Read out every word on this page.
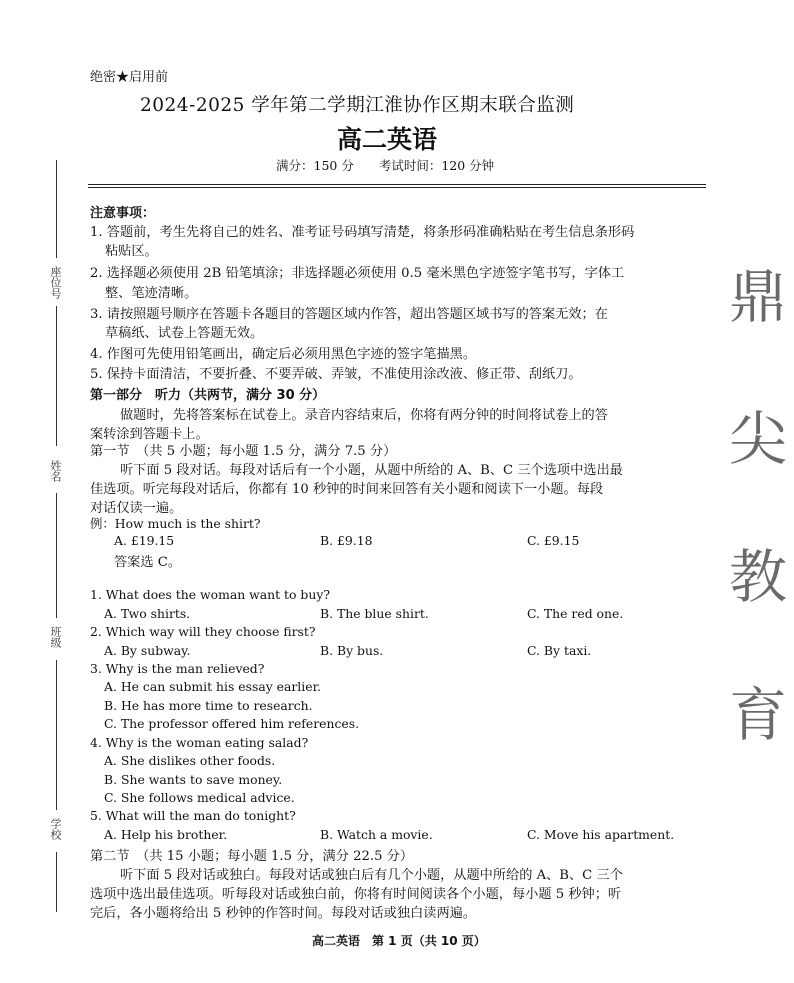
座位号
姓名
班级
学校
鼎
尖
教
育
绝密★启用前
2024-2025 学年第二学期江淮协作区期末联合监测
高二英语
满分：150 分　　考试时间：120 分钟
注意事项：
1. 答题前，考生先将自己的姓名、准考证号码填写清楚，将条形码准确粘贴在考生信息条形码
粘贴区。
2. 选择题必须使用 2B 铅笔填涂；非选择题必须使用 0.5 毫米黑色字迹签字笔书写，字体工
整、笔迹清晰。
3. 请按照题号顺序在答题卡各题目的答题区域内作答，超出答题区域书写的答案无效；在
草稿纸、试卷上答题无效。
4. 作图可先使用铅笔画出，确定后必须用黑色字迹的签字笔描黑。
5. 保持卡面清洁，不要折叠、不要弄破、弄皱，不准使用涂改液、修正带、刮纸刀。
第一部分　听力（共两节，满分 30 分）
做题时，先将答案标在试卷上。录音内容结束后，你将有两分钟的时间将试卷上的答
案转涂到答题卡上。
第一节　（共 5 小题；每小题 1.5 分，满分 7.5 分）
听下面 5 段对话。每段对话后有一个小题，从题中所给的 A、B、C 三个选项中选出最
佳选项。听完每段对话后，你都有 10 秒钟的时间来回答有关小题和阅读下一小题。每段
对话仅读一遍。
例：How much is the shirt?
A. £19.15	B. £9.18	C. £9.15
答案选 C。
1. What does the woman want to buy?
A. Two shirts.	B. The blue shirt.	C. The red one.
2. Which way will they choose first?
A. By subway.	B. By bus.	C. By taxi.
3. Why is the man relieved?
A. He can submit his essay earlier.
B. He has more time to research.
C. The professor offered him references.
4. Why is the woman eating salad?
A. She dislikes other foods.
B. She wants to save money.
C. She follows medical advice.
5. What will the man do tonight?
A. Help his brother.	B. Watch a movie.	C. Move his apartment.
第二节　（共 15 小题；每小题 1.5 分，满分 22.5 分）
听下面 5 段对话或独白。每段对话或独白后有几个小题，从题中所给的 A、B、C 三个
选项中选出最佳选项。听每段对话或独白前，你将有时间阅读各个小题，每小题 5 秒钟；听
完后，各小题将给出 5 秒钟的作答时间。每段对话或独白读两遍。
高二英语　第 1 页（共 10 页）
